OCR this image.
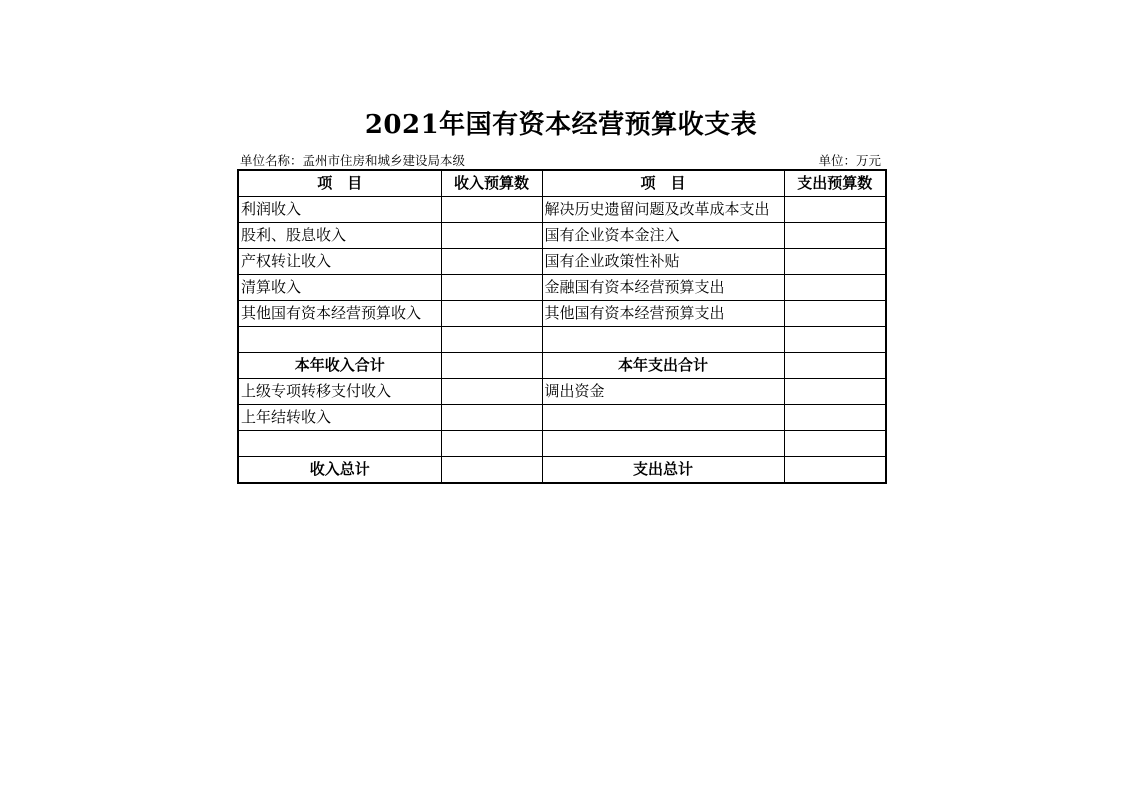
2021年国有资本经营预算收支表
单位名称：孟州市住房和城乡建设局本级	单位：万元
项　目	收入预算数	项　目	支出预算数
利润收入		解决历史遗留问题及改革成本支出	
股利、股息收入		国有企业资本金注入	
产权转让收入		国有企业政策性补贴	
清算收入		金融国有资本经营预算支出	
其他国有资本经营预算收入		其他国有资本经营预算支出	

本年收入合计		本年支出合计	
上级专项转移支付收入		调出资金	
上年结转收入			

收入总计		支出总计	
